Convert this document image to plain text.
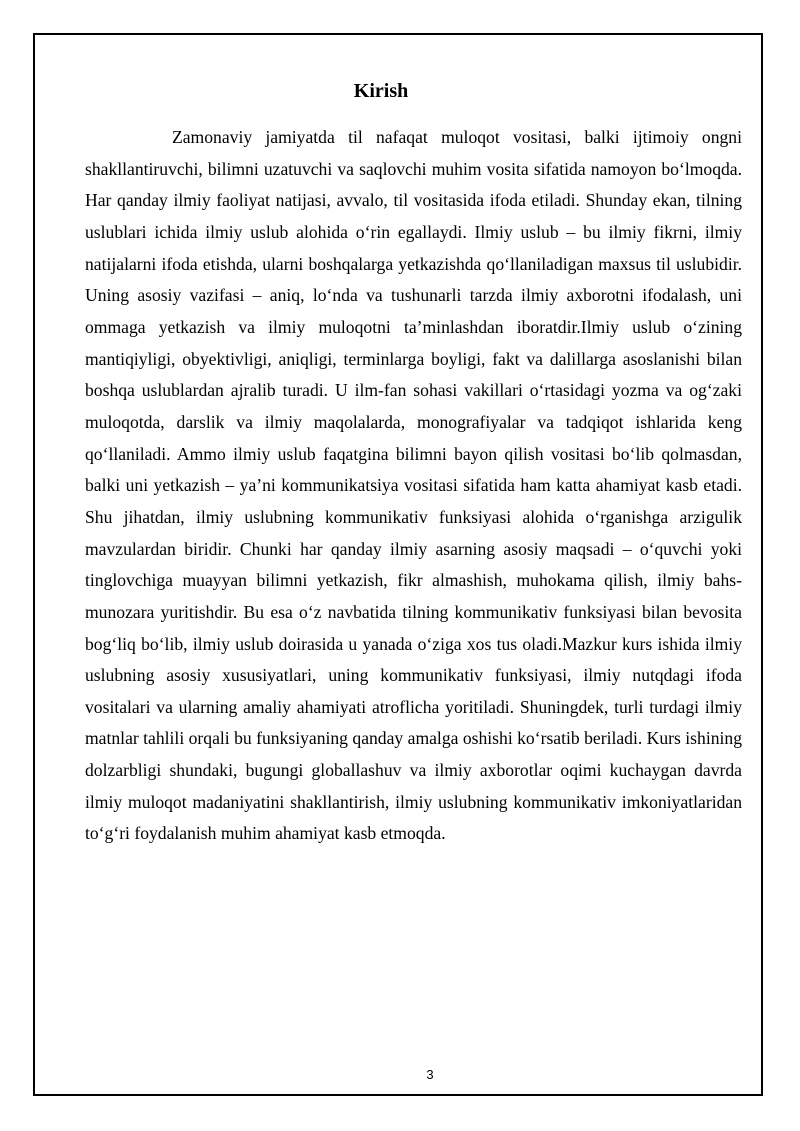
Kirish

Zamonaviy jamiyatda til nafaqat muloqot vositasi, balki ijtimoiy ongni shakllantiruvchi, bilimni uzatuvchi va saqlovchi muhim vosita sifatida namoyon bo‘lmoqda. Har qanday ilmiy faoliyat natijasi, avvalo, til vositasida ifoda etiladi. Shunday ekan, tilning uslublari ichida ilmiy uslub alohida o‘rin egallaydi. Ilmiy uslub – bu ilmiy fikrni, ilmiy natijalarni ifoda etishda, ularni boshqalarga yetkazishda qo‘llaniladigan maxsus til uslubidir. Uning asosiy vazifasi – aniq, lo‘nda va tushunarli tarzda ilmiy axborotni ifodalash, uni ommaga yetkazish va ilmiy muloqotni ta’minlashdan iboratdir.Ilmiy uslub o‘zining mantiqiyligi, obyektivligi, aniqligi, terminlarga boyligi, fakt va dalillarga asoslanishi bilan boshqa uslublardan ajralib turadi. U ilm-fan sohasi vakillari o‘rtasidagi yozma va og‘zaki muloqotda, darslik va ilmiy maqolalarda, monografiyalar va tadqiqot ishlarida keng qo‘llaniladi. Ammo ilmiy uslub faqatgina bilimni bayon qilish vositasi bo‘lib qolmasdan, balki uni yetkazish – ya’ni kommunikatsiya vositasi sifatida ham katta ahamiyat kasb etadi. Shu jihatdan, ilmiy uslubning kommunikativ funksiyasi alohida o‘rganishga arzigulik mavzulardan biridir. Chunki har qanday ilmiy asarning asosiy maqsadi – o‘quvchi yoki tinglovchiga muayyan bilimni yetkazish, fikr almashish, muhokama qilish, ilmiy bahs-munozara yuritishdir. Bu esa o‘z navbatida tilning kommunikativ funksiyasi bilan bevosita bog‘liq bo‘lib, ilmiy uslub doirasida u yanada o‘ziga xos tus oladi.Mazkur kurs ishida ilmiy uslubning asosiy xususiyatlari, uning kommunikativ funksiyasi, ilmiy nutqdagi ifoda vositalari va ularning amaliy ahamiyati atroflicha yoritiladi. Shuningdek, turli turdagi ilmiy matnlar tahlili orqali bu funksiyaning qanday amalga oshishi ko‘rsatib beriladi. Kurs ishining dolzarbligi shundaki, bugungi globallashuv va ilmiy axborotlar oqimi kuchaygan davrda ilmiy muloqot madaniyatini shakllantirish, ilmiy uslubning kommunikativ imkoniyatlaridan to‘g‘ri foydalanish muhim ahamiyat kasb etmoqda.

3
